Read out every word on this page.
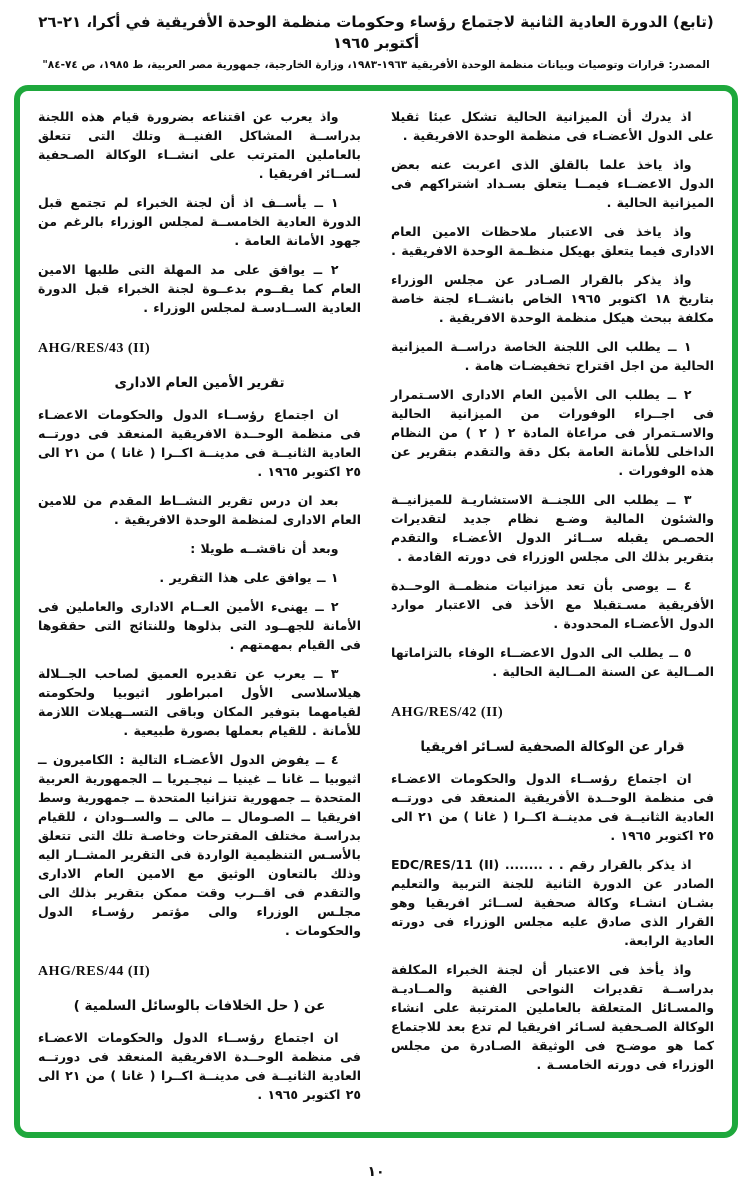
(تابع) الدورة العادية الثانية لاجتماع رؤساء وحكومات منظمة الوحدة الأفريقية في أكرا، ٢١-٢٦ أكتوبر ١٩٦٥
المصدر: قرارات وتوصيات وبيانات منظمة الوحدة الأفريقية ١٩٦٣-١٩٨٣، وزارة الخارجية، جمهورية مصر العربية، ط ١٩٨٥، ص ٧٤-٨٤"
اذ يدرك أن الميزانية الحالية تشكل عبئا ثقيلا على الدول الأعضـاء فى منظمة الوحدة الافريقية .
واذ ياخذ علما بالقلق الذى اعربت عنه بعض الدول الاعضــاء فيمــا يتعلق بسـداد اشتراكهم فى الميزانية الحالية .
واذ ياخذ فى الاعتبار ملاحظات الامين العام الادارى فيما يتعلق بهيكل منظـمة الوحدة الافريقية .
واذ يذكر بالقرار الصـادر عن مجلس الوزراء بتاريخ ١٨ اكتوبر ١٩٦٥ الخاص بانشــاء لجنة خاصة مكلفة ببحث هيكل منظمة الوحدة الافريقية .
١ ــ يطلب الى اللجنة الخاصة دراســة الميزانية الحالية من اجل اقتراح تخفيضـات هامة .
٢ ــ يطلب الى الأمين العام الادارى الاسـتمرار فى اجــراء الوفورات من الميزانية الحالية والاسـتمرار فى مراعاة المادة ٢ ( ٢ ) من النظام الداخلى للأمانة العامة بكل دقة والتقدم بتقرير عن هذه الوفورات .
٣ ــ يطلب الى اللجنــة الاستشاريـة للميزانيــة والشئون المالية وضـع نظام جديد لتقديرات الحصـص يقبله ســائر الدول الأعضـاء والتقدم بتقرير بذلك الى مجلس الوزراء فى دورته القادمة .
٤ ــ يوصى بأن تعد ميزانيات منظمــة الوحــدة الأفريقية مسـتقبلا مع الأخذ فى الاعتبار موارد الدول الأعضـاء المحدودة .
٥ ــ يطلب الى الدول الاعضــاء الوفاء بالتزاماتها المــالية عن السنة المــالية الحالية .
AHG/RES/42 (II)
قرار عن الوكالة الصحفية لسـائر افريقيا
ان اجتماع رؤســاء الدول والحكومات الاعضـاء فى منظمة الوحــدة الأفريقية المنعقد فى دورتــه العادية الثانيــة فى مدينــة اكــرا ( غانا ) من ٢١ الى ٢٥ اكتوبر ١٩٦٥ .
اذ يذكر بالقرار رقم . . ........ EDC/RES/11 (II) الصادر عن الدورة الثانية للجنة التربية والتعليم بشـان انشـاء وكالة صحفية لســائر افريقيا وهو القرار الذى صادق عليه مجلس الوزراء فى دورته العادية الرابعة.
واذ يأخذ فى الاعتبار أن لجنة الخبراء المكلفة بدراســة تقديرات النواحى الفنية والمــاديـة والمسـائل المتعلقة بالعاملين المترتبة على انشاء الوكالة الصـحفية لسـائر افريقيا لم تدع بعد للاجتماع كما هو موضـح فى الوثيقة الصـادرة من مجلس الوزراء فى دورته الخامسـة .
واذ يعرب عن اقتناعه بضرورة قيام هذه اللجنة بدراســة المشاكل الفنيــة وتلك التى تتعلق بالعاملين المترتب على انشــاء الوكالة الصـحفية لســائر افريقيا .
١ ــ يأســف اذ أن لجنة الخبراء لم تجتمع قبل الدورة العادية الخامســة لمجلس الوزراء بالرغم من جهود الأمانة العامة .
٢ ــ يوافق على مد المهلة التى طلبها الامين العام كما يقــوم بدعــوة لجنة الخبراء قبل الدورة العادية الســادسـة لمجلس الوزراء .
AHG/RES/43 (II)
تقرير الأمين العام الادارى
ان اجتماع رؤســاء الدول والحكومات الاعضـاء فى منظمة الوحــدة الافريقية المنعقد فى دورتــه العادية الثانيــة فى مدينــة اكــرا ( غانا ) من ٢١ الى ٢٥ اكتوبر ١٩٦٥ .
بعد ان درس تقرير النشــاط المقدم من للامين العام الادارى لمنظمة الوحدة الافريقية .
وبعد أن ناقشــه طويلا :
١ ــ يوافق على هذا التقرير .
٢ ــ يهنىء الأمين العــام الادارى والعاملين فى الأمانة للجهــود التى بذلوها وللنتائج التى حققوها فى القيام بمهمتهم .
٣ ــ يعرب عن تقديره العميق لصاحب الجــلالة هيلاسلاسى الأول امبراطور اثيوبيا ولحكومته لقيامهما بتوفير المكان وباقى التســهيلات اللازمة للأمانة . للقيام بعملها بصورة طبيعية .
٤ ــ يفوض الدول الأعضـاء التالية : الكاميرون ــ اثيوبيا ــ غانا ــ غينيا ــ نيجـيريا ــ الجمهورية العربية المتحدة ــ جمهورية تنزانيا المتحدة ــ جمهورية وسط افريقيا ــ الصـومال ــ مالى ــ والســودان ، للقيام بدراسـة مختلف المقترحات وخاصـة تلك التى تتعلق بالأسـس التنظيمية الواردة فى التقرير المشــار اليه وذلك بالتعاون الوثيق مع الامين العام الادارى والتقدم فى اقــرب وقت ممكن بتقرير بذلك الى مجلـس الوزراء والى مؤتمر رؤسـاء الدول والحكومات .
AHG/RES/44 (II)
عن ( حل الخلافات بالوسائل السلمية )
ان اجتماع رؤســاء الدول والحكومات الاعضـاء فى منظمة الوحــدة الافريقية المنعقد فى دورتــه العادية الثانيــة فى مدينــة اكــرا ( غانا ) من ٢١ الى ٢٥ اكتوبر ١٩٦٥ .
١٠
